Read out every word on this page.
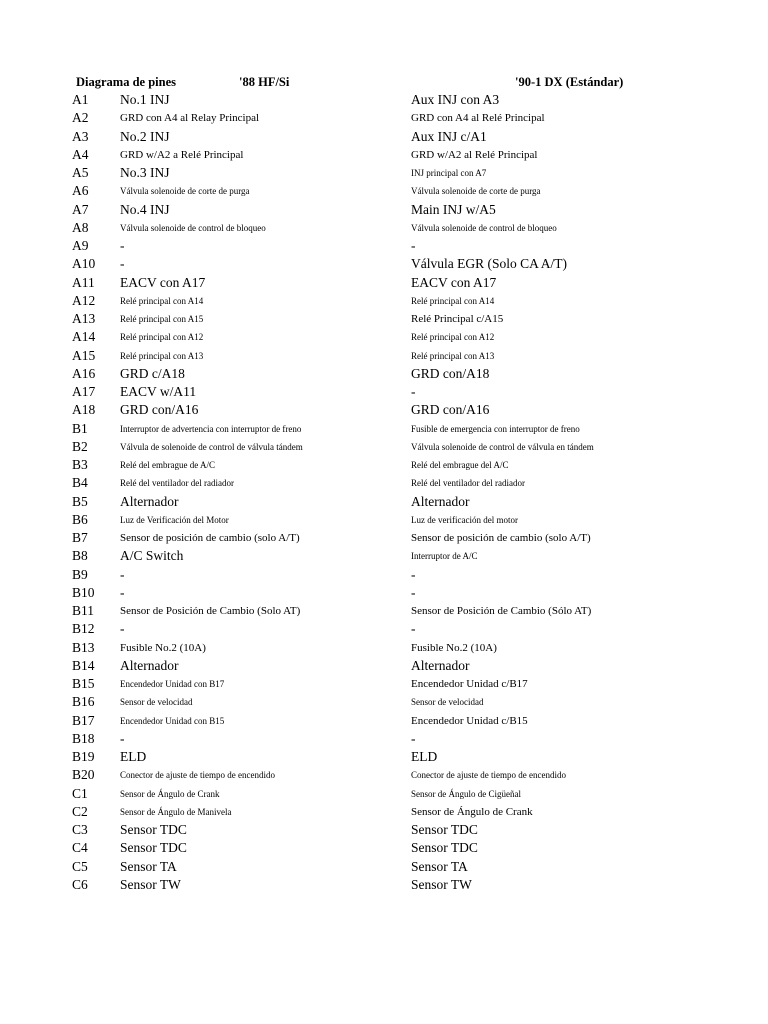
Diagrama de pines	'88 HF/Si	'90-1 DX (Estándar)
A1 No.1 INJ	Aux INJ con A3
A2	GRD con A4 al Relay Principal	GRD con A4 al Relé Principal
A3 No.2 INJ	Aux INJ c/A1
A4	GRD w/A2 a Relé Principal	GRD w/A2 al Relé Principal
A5 No.3 INJ	INJ principal con A7
A6	Válvula solenoide de corte de purga	Válvula solenoide de corte de purga
A7 No.4 INJ	Main INJ w/A5
A8	Válvula solenoide de control de bloqueo	Válvula solenoide de control de bloqueo
A9 -	-
A10 -	Válvula EGR (Solo CA A/T)
A11 EACV con A17	EACV con A17
A12	Relé principal con A14	Relé principal con A14
A13	Relé principal con A15	Relé Principal c/A15
A14	Relé principal con A12	Relé principal con A12
A15	Relé principal con A13	Relé principal con A13
A16 GRD c/A18	GRD con/A18
A17 EACV w/A11	-
A18 GRD con/A16	GRD con/A16
B1	Interruptor de advertencia con interruptor de freno	Fusible de emergencia con interruptor de freno
B2	Válvula de solenoide de control de válvula tándem	Válvula solenoide de control de válvula en tándem
B3	Relé del embrague de A/C	Relé del embrague del A/C
B4	Relé del ventilador del radiador	Relé del ventilador del radiador
B5 Alternador	Alternador
B6	Luz de Verificación del Motor	Luz de verificación del motor
B7	Sensor de posición de cambio (solo A/T)	Sensor de posición de cambio (solo A/T)
B8 A/C Switch	Interruptor de A/C
B9 -	-
B10 -	-
B11 Sensor de Posición de Cambio (Solo AT)	Sensor de Posición de Cambio (Sólo AT)
B12 -	-
B13 Fusible No.2 (10A)	Fusible No.2 (10A)
B14 Alternador	Alternador
B15	Encendedor Unidad con B17	Encendedor Unidad c/B17
B16	Sensor de velocidad	Sensor de velocidad
B17	Encendedor Unidad con B15	Encendedor Unidad c/B15
B18 -	-
B19 ELD	ELD
B20	Conector de ajuste de tiempo de encendido	Conector de ajuste de tiempo de encendido
C1	Sensor de Ángulo de Crank	Sensor de Ángulo de Cigüeñal
C2	Sensor de Ángulo de Manivela	Sensor de Ángulo de Crank
C3 Sensor TDC	Sensor TDC
C4 Sensor TDC	Sensor TDC
C5 Sensor TA	Sensor TA
C6 Sensor TW	Sensor TW
